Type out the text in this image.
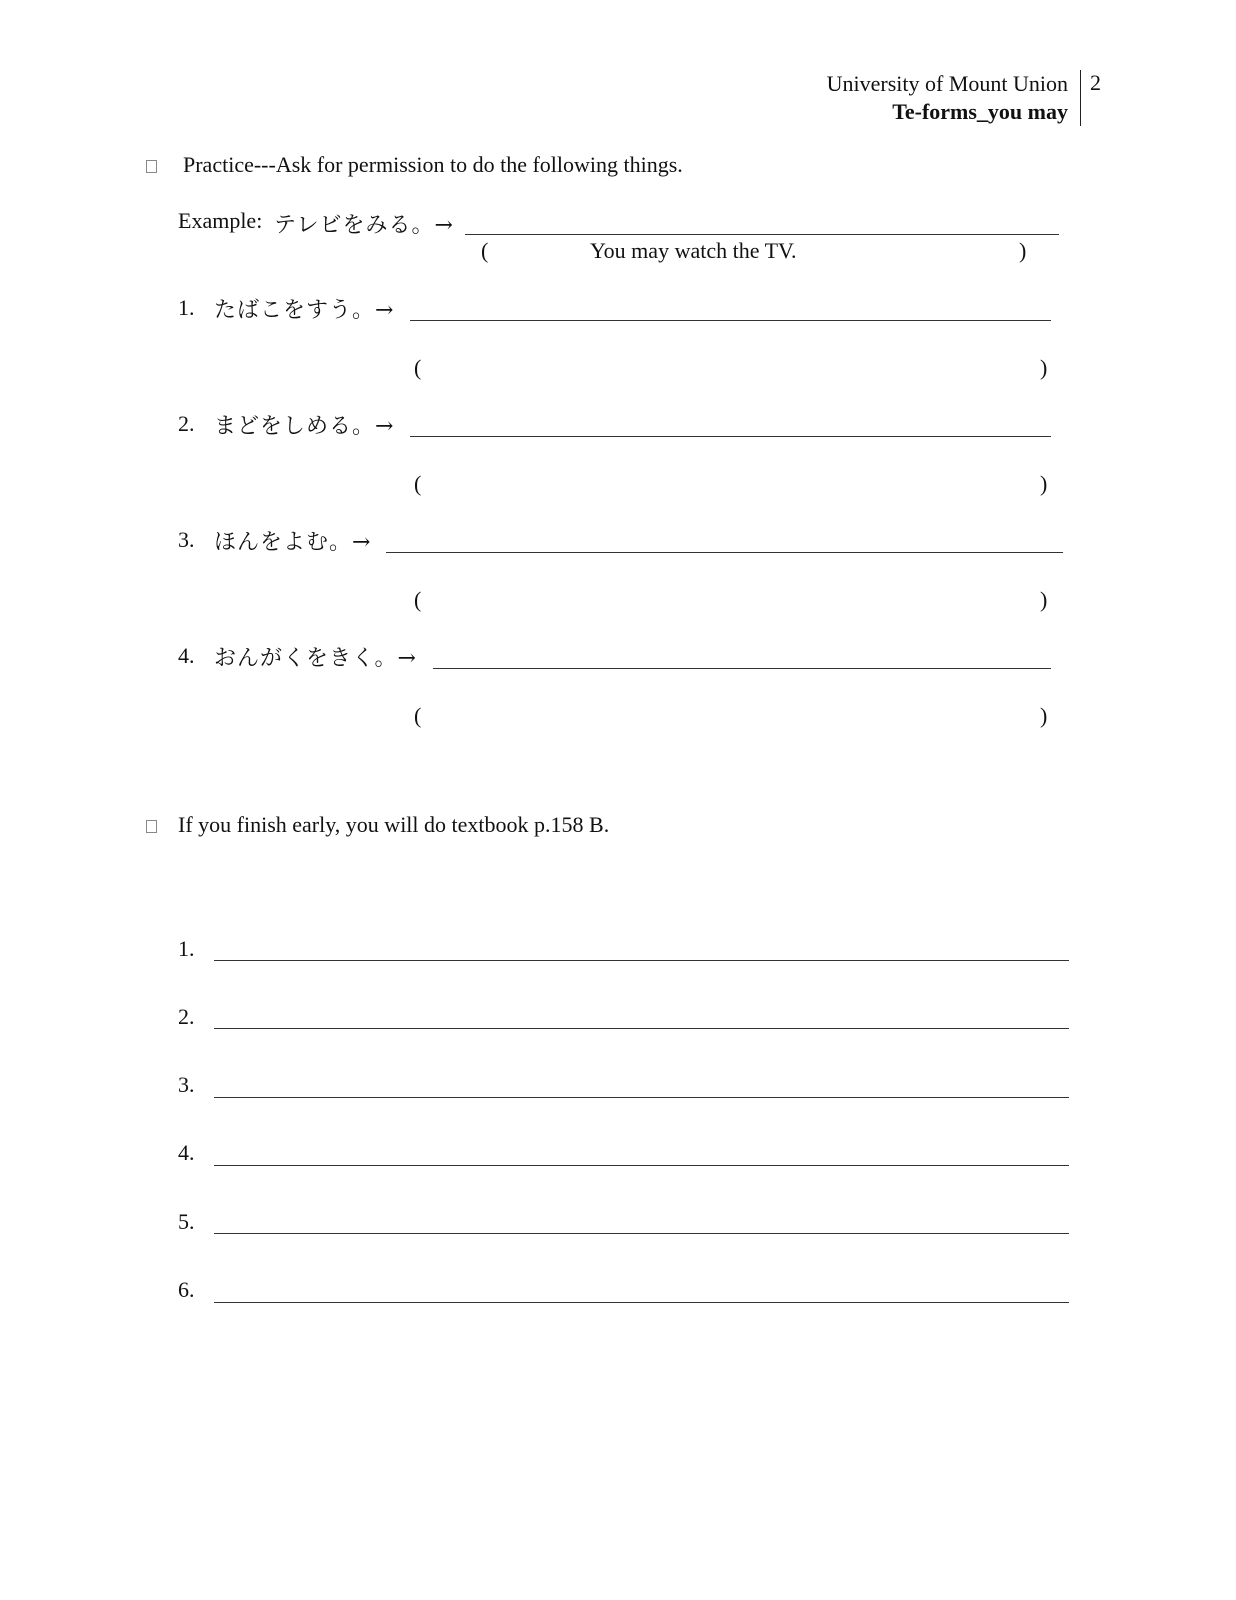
University of Mount Union
Te-forms_you may
2
Practice---Ask for permission to do the following things.
Example: テレビをみる。→
(	You may watch the TV.	)
1. たばこをすう。→
(	)
2. まどをしめる。→
(	)
3. ほんをよむ。→
(	)
4. おんがくをきく。→
(	)
If you finish early, you will do textbook p.158 B.
1.
2.
3.
4.
5.
6.
